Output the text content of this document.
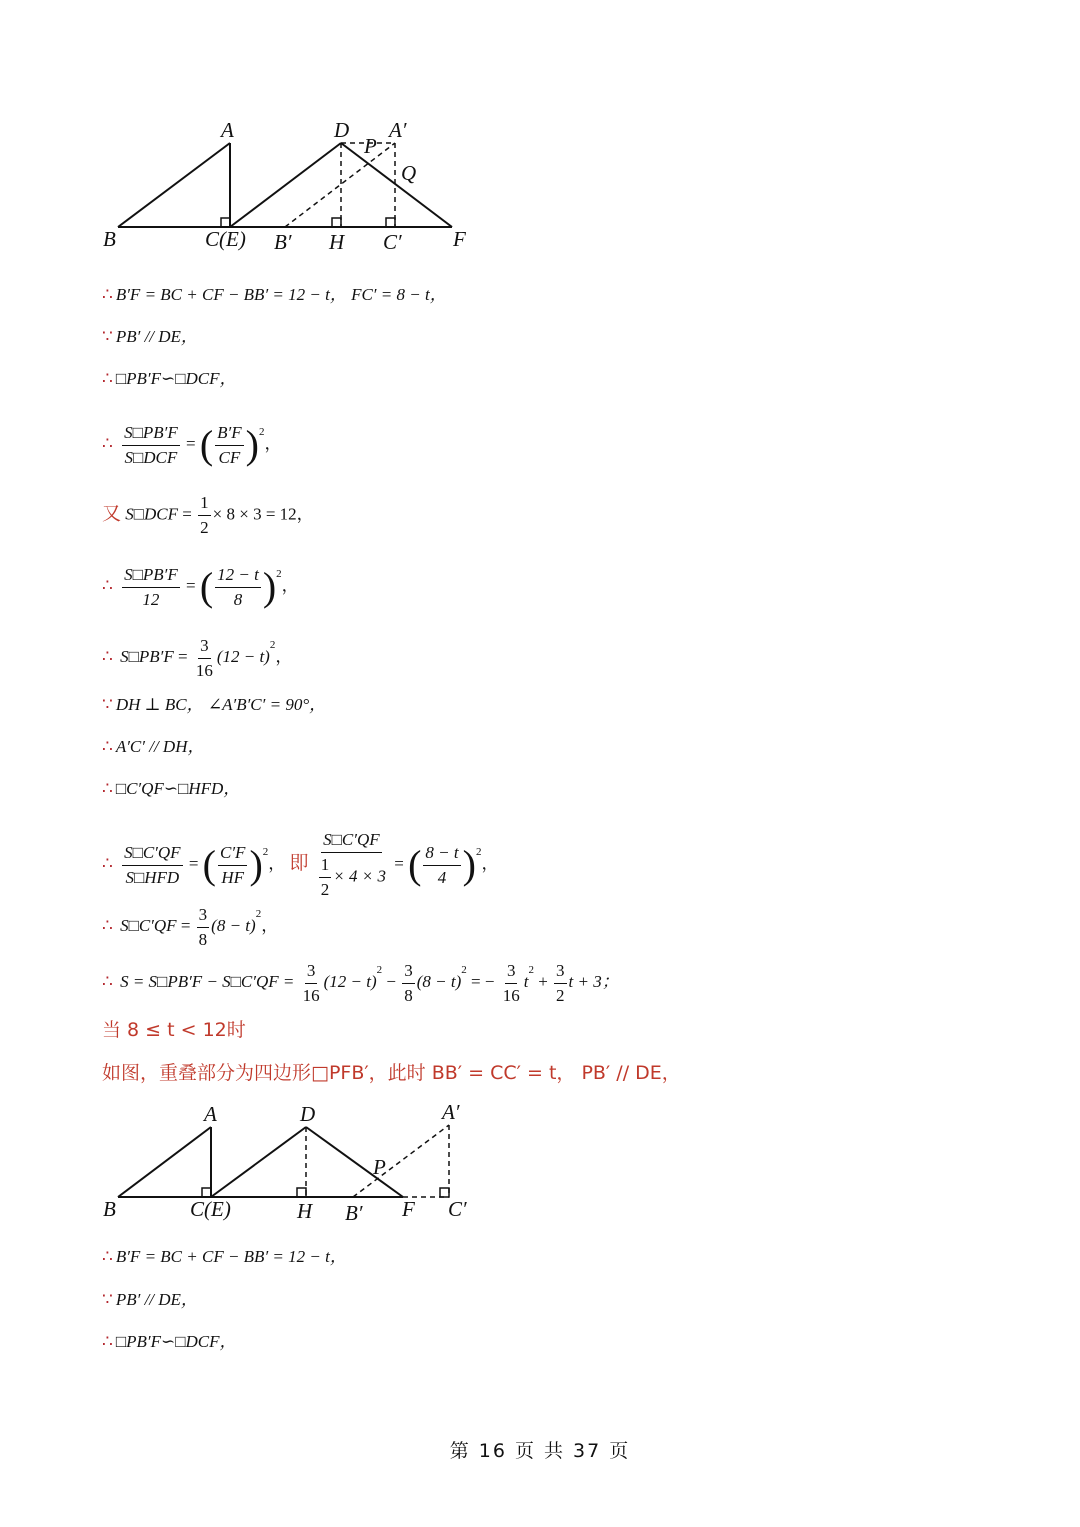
A	D A′
P
Q
B	C(E) B′ H C′ F
∴ B′F = BC + CF − BB′ = 12 − t， FC′ = 8 − t，
∵ PB′ // DE，
∴ □PB′F∽□DCF，
∴ $\frac{S□PB'F}{\text{S□DCF}}$ = ( $\frac{B'F}{CF} )^2$，
又 S□DCF = $\frac{1}{2} \times 8 \times 3 = 12$，
∴ $\frac{S□PB'F}{12}$ = ( $\frac{12 - t}{8} )^2$，
∴ S□PB′F = $\frac{3}{16} (12 - t)^2$，
∵ DH ⊥ BC， ∠A′B′C′ = 90°，
∴ A′C′ // DH，
∴ □C′QF∽□HFD，
∴ $\frac{S□C'QF}{\text{S□HFD}}$ = ( $\frac{C'F}{HF} )^2$， 即 $\frac{S□C'QF}{\frac{1}{2} \times 4 \times 3}$ = ( $\frac{8 - t}{4} )^2$，
∴ S□C′QF = $\frac{3}{8} (8 - t)^2$，
∴ S = S□PB′F − S□C′QF = $\frac{3}{16} (12 - t)^2 - \frac{3}{8} (8 - t)^2$ = − $\frac{3}{16} t^2 + \frac{3}{2}$ t + 3；
当 8 ≤ t < 12时
如图，重叠部分为四边形□PFB′，此时 BB′ = CC′ = t， PB′ // DE，
A	D	A′
P
B	C(E)	H B′ F C′
∴ B′F = BC + CF − BB′ = 12 − t，
∵ PB′ // DE，
∴ □PB′F∽□DCF，
第 16 页 共 37 页
